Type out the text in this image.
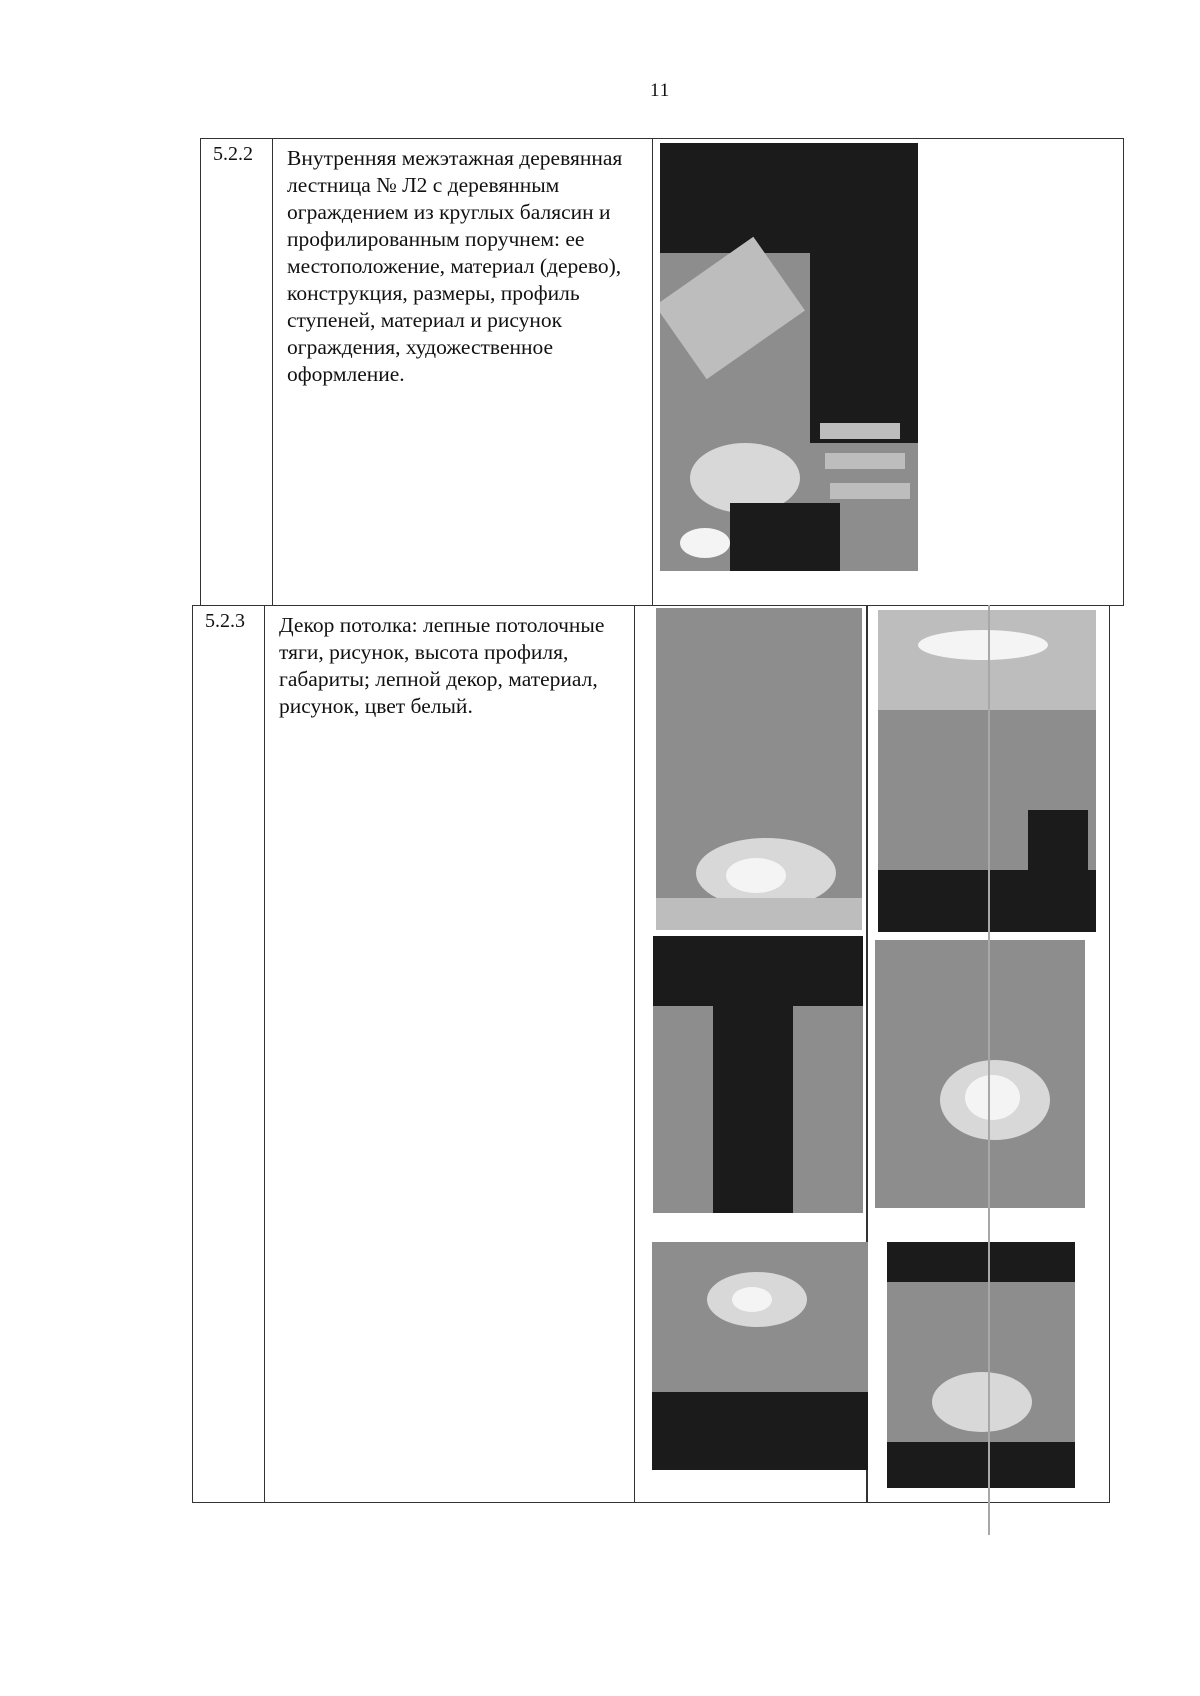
11
5.2.2	Внутренняя межэтажная деревянная лестница № Л2 с деревянным ограждением из круглых балясин и профилированным поручнем: ее местоположение, материал (дерево), конструкция, размеры, профиль ступеней, материал и рисунок ограждения, художественное оформление.
5.2.3	Декор потолка: лепные потолочные тяги, рисунок, высота профиля, габариты; лепной декор, материал, рисунок, цвет белый.
